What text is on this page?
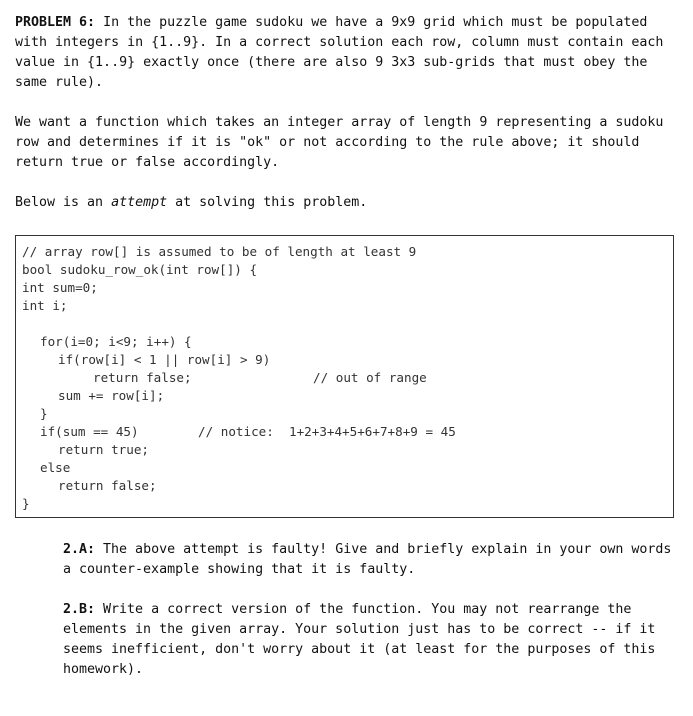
PROBLEM 6: In the puzzle game sudoku we have a 9x9 grid which must be populated with integers in {1..9}. In a correct solution each row, column must contain each value in {1..9} exactly once (there are also 9 3x3 sub-grids that must obey the same rule).

We want a function which takes an integer array of length 9 representing a sudoku row and determines if it is "ok" or not according to the rule above; it should return true or false accordingly.

Below is an attempt at solving this problem.

// array row[] is assumed to be of length at least 9
bool sudoku_row_ok(int row[]) {
int sum=0;
int i;
for(i=0; i<9; i++) {
if(row[i] < 1 || row[i] > 9)
return false;	// out of range
sum += row[i];
}
if(sum == 45)	// notice:  1+2+3+4+5+6+7+8+9 = 45
return true;
else
return false;
}

2.A: The above attempt is faulty! Give and briefly explain in your own words a counter-example showing that it is faulty.

2.B: Write a correct version of the function. You may not rearrange the elements in the given array. Your solution just has to be correct -- if it seems inefficient, don't worry about it (at least for the purposes of this homework).
